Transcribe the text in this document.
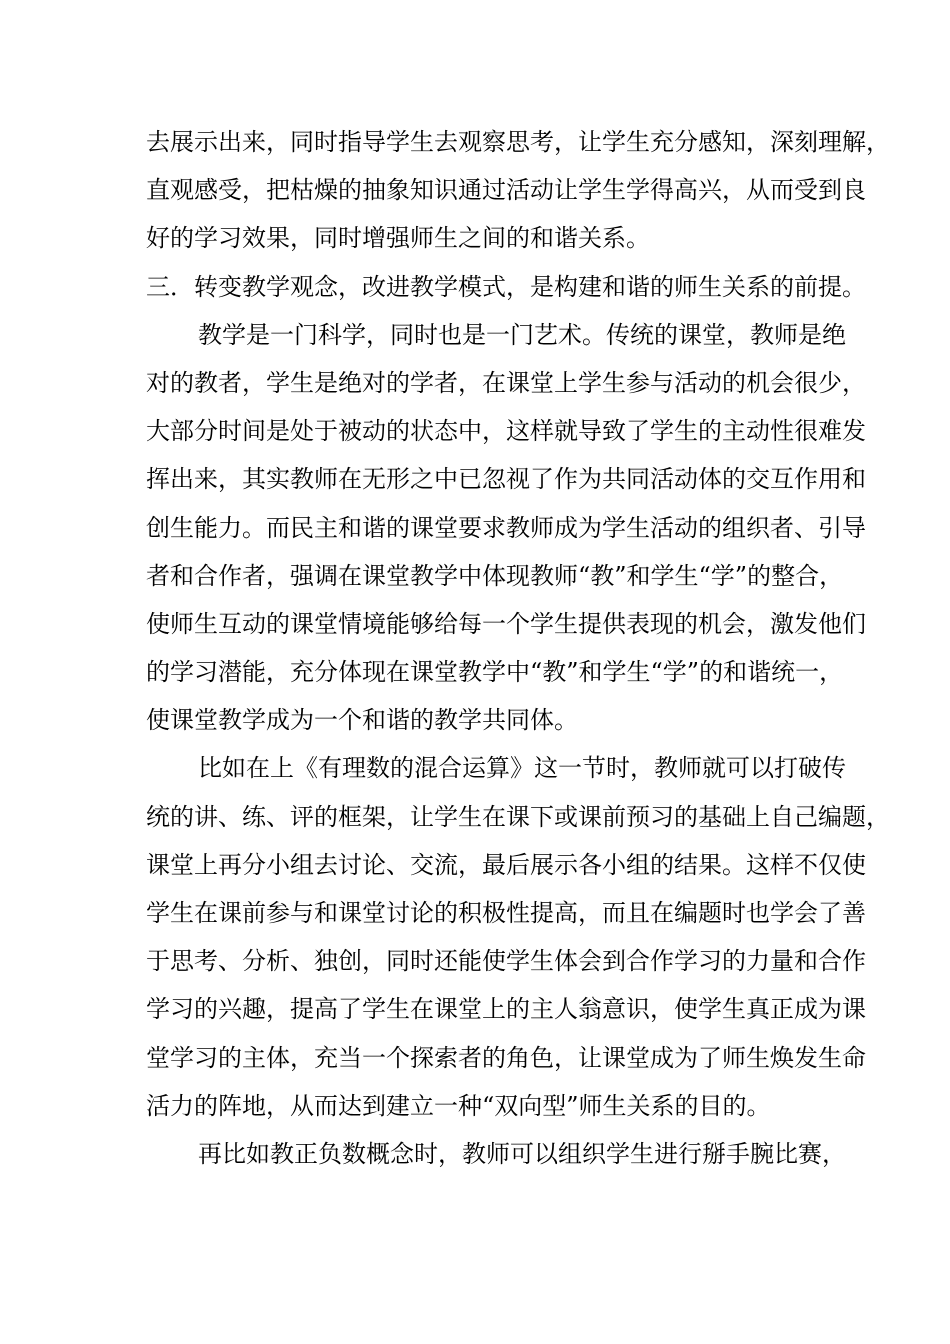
去展示出来，同时指导学生去观察思考，让学生充分感知，深刻理解，
直观感受，把枯燥的抽象知识通过活动让学生学得高兴，从而受到良
好的学习效果，同时增强师生之间的和谐关系。
三．转变教学观念，改进教学模式，是构建和谐的师生关系的前提。
教学是一门科学，同时也是一门艺术。传统的课堂，教师是绝
对的教者，学生是绝对的学者，在课堂上学生参与活动的机会很少，
大部分时间是处于被动的状态中，这样就导致了学生的主动性很难发
挥出来，其实教师在无形之中已忽视了作为共同活动体的交互作用和
创生能力。而民主和谐的课堂要求教师成为学生活动的组织者、引导
者和合作者，强调在课堂教学中体现教师“教”和学生“学”的整合，
使师生互动的课堂情境能够给每一个学生提供表现的机会，激发他们
的学习潜能，充分体现在课堂教学中“教”和学生“学”的和谐统一，
使课堂教学成为一个和谐的教学共同体。
比如在上《有理数的混合运算》这一节时，教师就可以打破传
统的讲、练、评的框架，让学生在课下或课前预习的基础上自己编题，
课堂上再分小组去讨论、交流，最后展示各小组的结果。这样不仅使
学生在课前参与和课堂讨论的积极性提高，而且在编题时也学会了善
于思考、分析、独创，同时还能使学生体会到合作学习的力量和合作
学习的兴趣，提高了学生在课堂上的主人翁意识，使学生真正成为课
堂学习的主体，充当一个探索者的角色，让课堂成为了师生焕发生命
活力的阵地，从而达到建立一种“双向型”师生关系的目的。
再比如教正负数概念时，教师可以组织学生进行掰手腕比赛，
